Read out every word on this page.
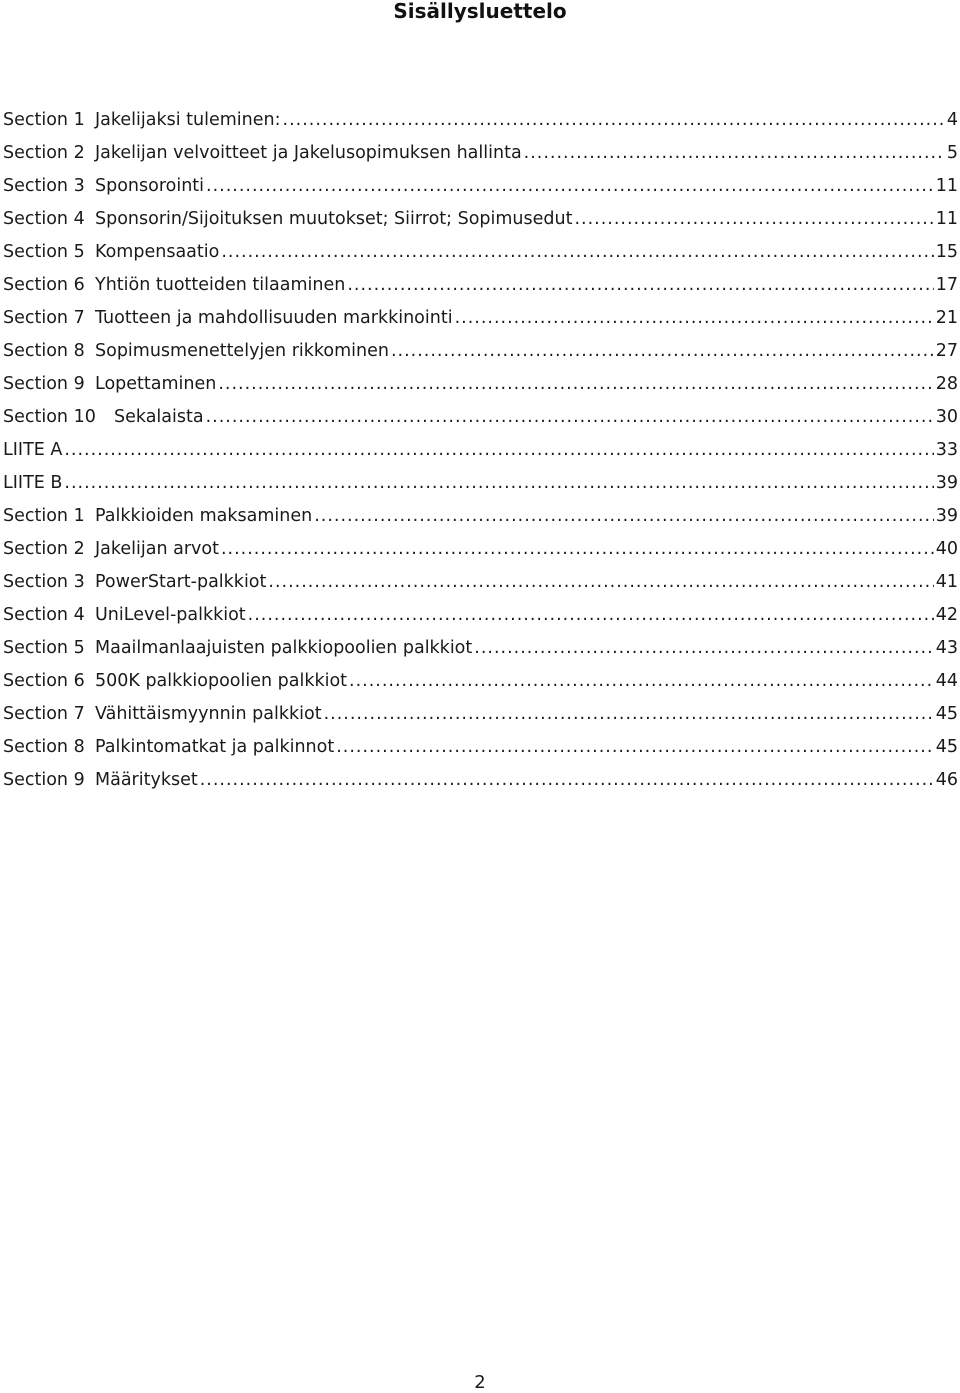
Sisällysluettelo
Section 1 Jakelijaksi tuleminen: .....	4
Section 2 Jakelijan velvoitteet ja Jakelusopimuksen hallinta .....	5
Section 3 Sponsorointi .....	11
Section 4 Sponsorin/Sijoituksen muutokset; Siirrot; Sopimusedut .....	11
Section 5 Kompensaatio .....	15
Section 6 Yhtiön tuotteiden tilaaminen .....	17
Section 7 Tuotteen ja mahdollisuuden markkinointi .....	21
Section 8 Sopimusmenettelyjen rikkominen .....	27
Section 9 Lopettaminen .....	28
Section 10	Sekalaista .....	30
LIITE A .....	33
LIITE B .....	39
Section 1 Palkkioiden maksaminen .....	39
Section 2 Jakelijan arvot .....	40
Section 3 PowerStart-palkkiot .....	41
Section 4 UniLevel-palkkiot .....	42
Section 5 Maailmanlaajuisten palkkiopoolien palkkiot .....	43
Section 6 500K palkkiopoolien palkkiot .....	44
Section 7 Vähittäismyynnin palkkiot .....	45
Section 8 Palkintomatkat ja palkinnot .....	45
Section 9 Määritykset .....	46
2
